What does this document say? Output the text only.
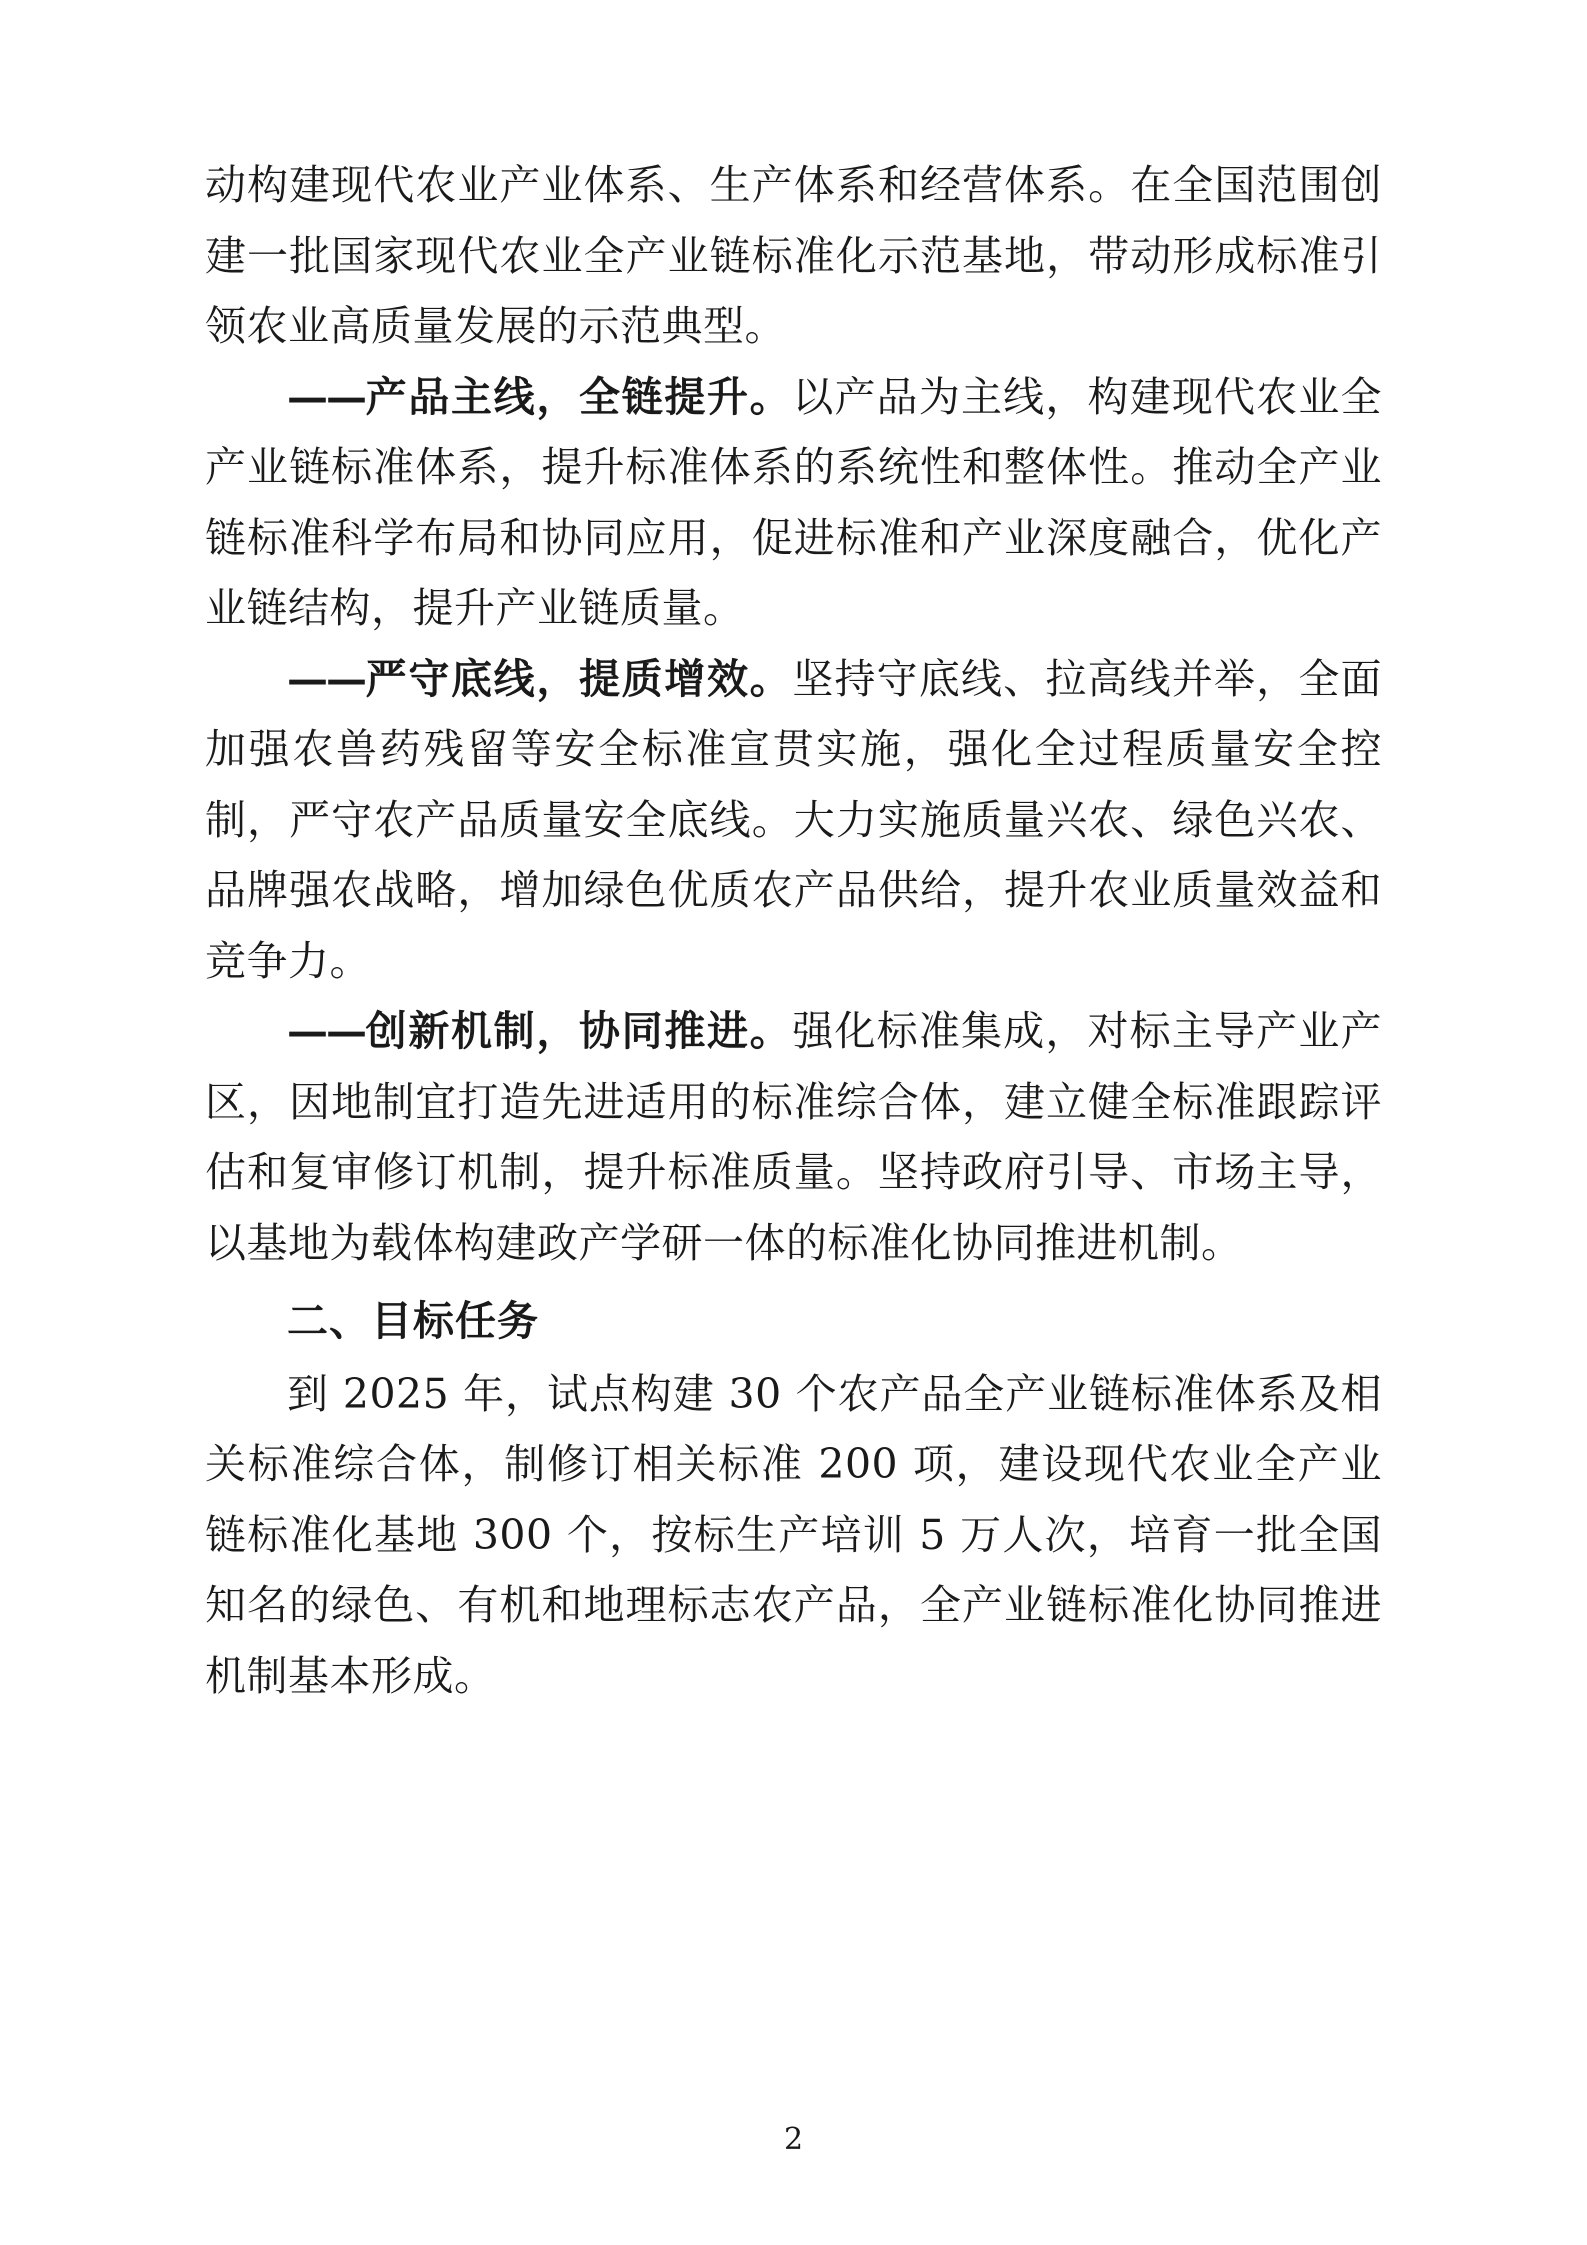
动构建现代农业产业体系、生产体系和经营体系。在全国范围创建一批国家现代农业全产业链标准化示范基地，带动形成标准引领农业高质量发展的示范典型。

——产品主线，全链提升。以产品为主线，构建现代农业全产业链标准体系，提升标准体系的系统性和整体性。推动全产业链标准科学布局和协同应用，促进标准和产业深度融合，优化产业链结构，提升产业链质量。

——严守底线，提质增效。坚持守底线、拉高线并举，全面加强农兽药残留等安全标准宣贯实施，强化全过程质量安全控制，严守农产品质量安全底线。大力实施质量兴农、绿色兴农、品牌强农战略，增加绿色优质农产品供给，提升农业质量效益和竞争力。

——创新机制，协同推进。强化标准集成，对标主导产业产区，因地制宜打造先进适用的标准综合体，建立健全标准跟踪评估和复审修订机制，提升标准质量。坚持政府引导、市场主导，以基地为载体构建政产学研一体的标准化协同推进机制。

二、目标任务

到 2025 年，试点构建 30 个农产品全产业链标准体系及相关标准综合体，制修订相关标准 200 项，建设现代农业全产业链标准化基地 300 个，按标生产培训 5 万人次，培育一批全国知名的绿色、有机和地理标志农产品，全产业链标准化协同推进机制基本形成。

2
